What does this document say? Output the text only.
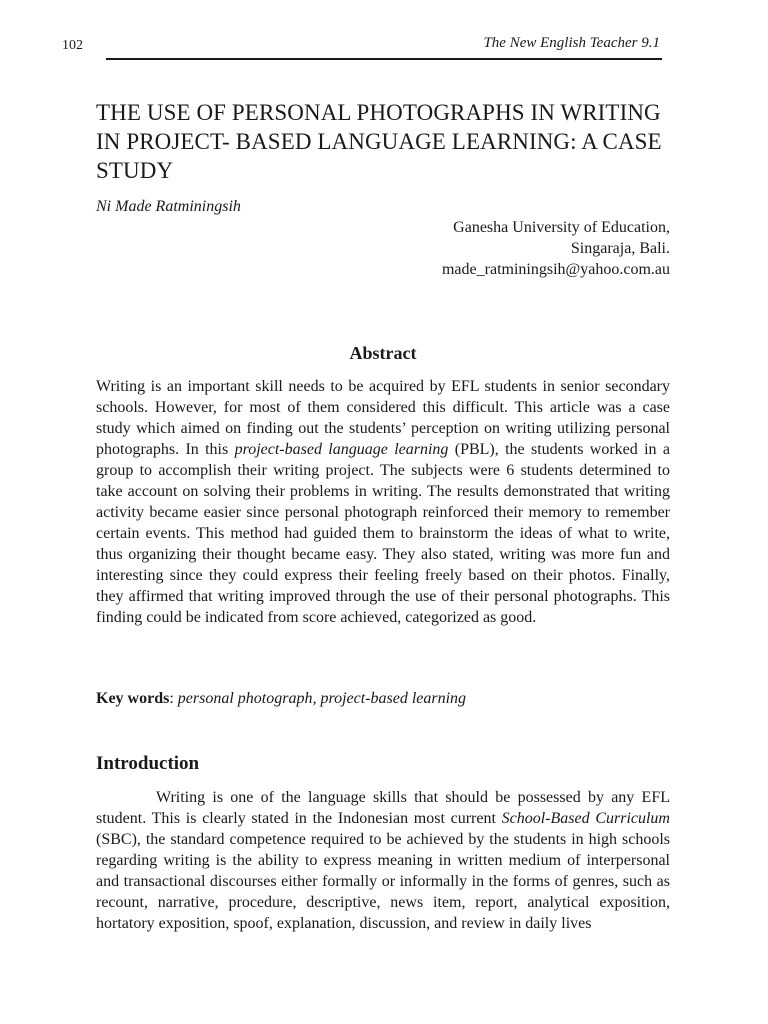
102	The New English Teacher 9.1
THE USE OF PERSONAL PHOTOGRAPHS IN WRITING IN PROJECT- BASED LANGUAGE LEARNING: A CASE STUDY
Ni Made Ratminingsih
Ganesha University of Education,
Singaraja, Bali.
made_ratminingsih@yahoo.com.au
Abstract

Writing is an important skill needs to be acquired by EFL students in senior secondary schools. However, for most of them considered this difficult. This article was a case study which aimed on finding out the students’ perception on writing utilizing personal photographs. In this project-based language learning (PBL), the students worked in a group to accomplish their writing project. The subjects were 6 students determined to take account on solving their problems in writing. The results demonstrated that writing activity became easier since personal photograph reinforced their memory to remember certain events. This method had guided them to brainstorm the ideas of what to write, thus organizing their thought became easy. They also stated, writing was more fun and interesting since they could express their feeling freely based on their photos. Finally, they affirmed that writing improved through the use of their personal photographs. This finding could be indicated from score achieved, categorized as good.

Key words: personal photograph, project-based learning

Introduction

Writing is one of the language skills that should be possessed by any EFL student. This is clearly stated in the Indonesian most current School-Based Curriculum (SBC), the standard competence required to be achieved by the students in high schools regarding writing is the ability to express meaning in written medium of interpersonal and transactional discourses either formally or informally in the forms of genres, such as recount, narrative, procedure, descriptive, news item, report, analytical exposition, hortatory exposition, spoof, explanation, discussion, and review in daily lives
